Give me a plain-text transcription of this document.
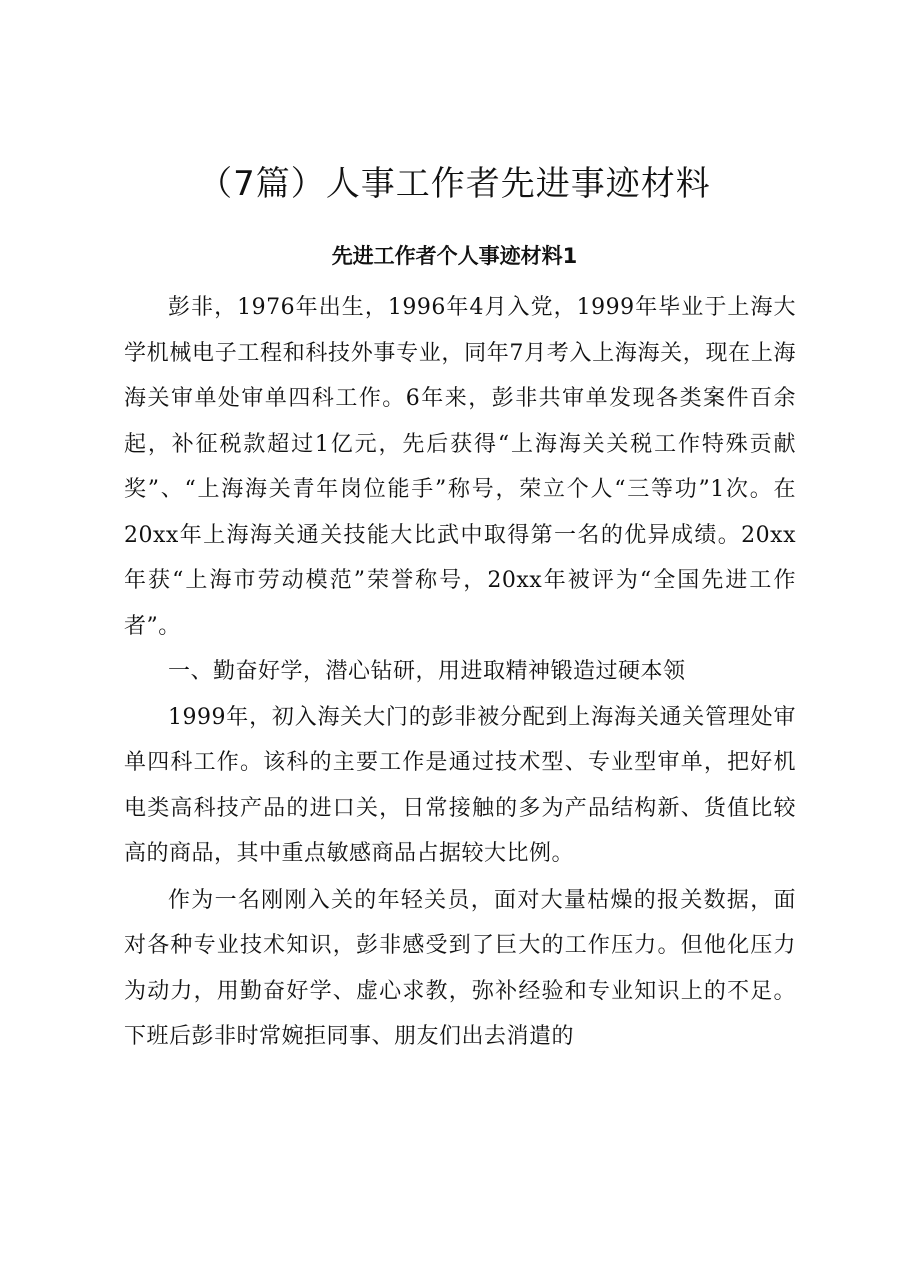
（7篇）人事工作者先进事迹材料
先进工作者个人事迹材料1

彭非，1976年出生，1996年4月入党，1999年毕业于上海大学机械电子工程和科技外事专业，同年7月考入上海海关，现在上海海关审单处审单四科工作。6年来，彭非共审单发现各类案件百余起，补征税款超过1亿元，先后获得“上海海关关税工作特殊贡献奖”、“上海海关青年岗位能手”称号，荣立个人“三等功”1次。在20xx年上海海关通关技能大比武中取得第一名的优异成绩。20xx年获“上海市劳动模范”荣誉称号，20xx年被评为“全国先进工作者”。

一、勤奋好学，潜心钻研，用进取精神锻造过硬本领

1999年，初入海关大门的彭非被分配到上海海关通关管理处审单四科工作。该科的主要工作是通过技术型、专业型审单，把好机电类高科技产品的进口关，日常接触的多为产品结构新、货值比较高的商品，其中重点敏感商品占据较大比例。

作为一名刚刚入关的年轻关员，面对大量枯燥的报关数据，面对各种专业技术知识，彭非感受到了巨大的工作压力。但他化压力为动力，用勤奋好学、虚心求教，弥补经验和专业知识上的不足。下班后彭非时常婉拒同事、朋友们出去消遣的
